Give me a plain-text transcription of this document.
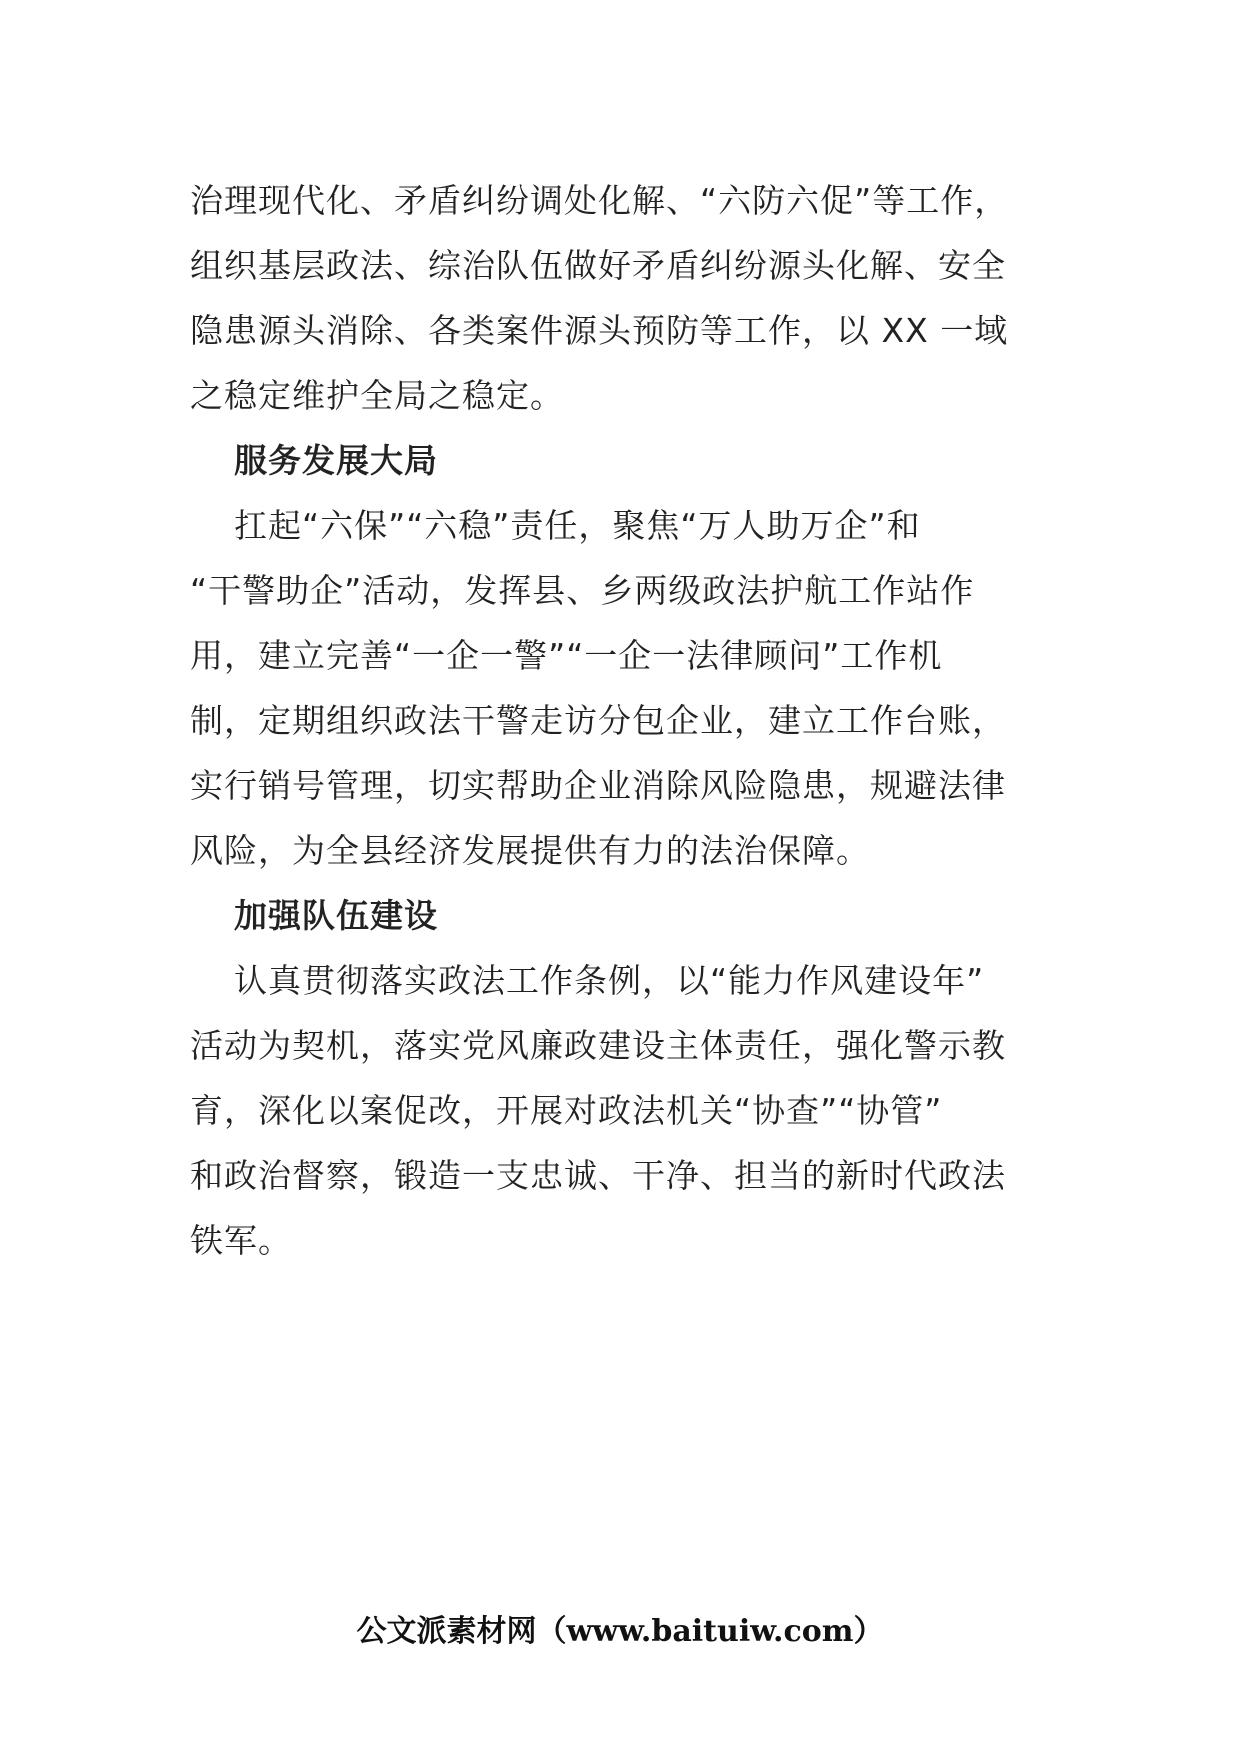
治理现代化、矛盾纠纷调处化解、“六防六促”等工作，
组织基层政法、综治队伍做好矛盾纠纷源头化解、安全
隐患源头消除、各类案件源头预防等工作，以 XX 一域
之稳定维护全局之稳定。
服务发展大局
扛起“六保”“六稳”责任，聚焦“万人助万企”和
“干警助企”活动，发挥县、乡两级政法护航工作站作
用，建立完善“一企一警”“一企一法律顾问”工作机
制，定期组织政法干警走访分包企业，建立工作台账，
实行销号管理，切实帮助企业消除风险隐患，规避法律
风险，为全县经济发展提供有力的法治保障。
加强队伍建设
认真贯彻落实政法工作条例，以“能力作风建设年”
活动为契机，落实党风廉政建设主体责任，强化警示教
育，深化以案促改，开展对政法机关“协查”“协管”
和政治督察，锻造一支忠诚、干净、担当的新时代政法
铁军。
公文派素材网（www.baituiw.com）
